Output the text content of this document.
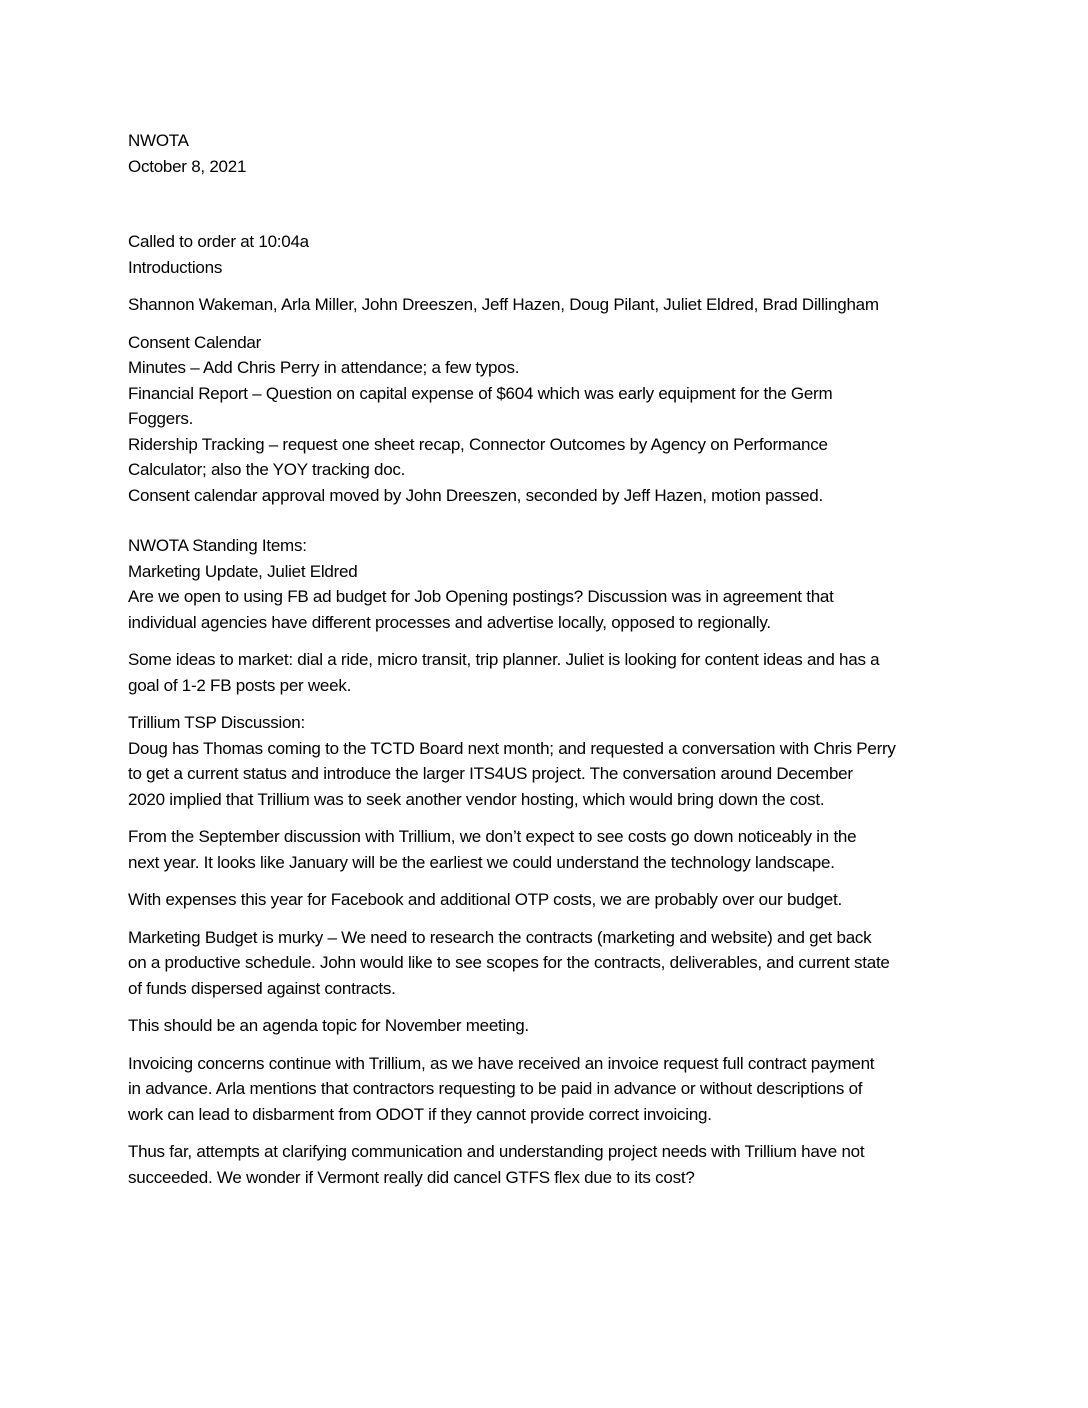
NWOTA
October 8, 2021
Called to order at 10:04a
Introductions
Shannon Wakeman, Arla Miller, John Dreeszen, Jeff Hazen, Doug Pilant, Juliet Eldred, Brad Dillingham
Consent Calendar
Minutes – Add Chris Perry in attendance; a few typos.
Financial Report – Question on capital expense of $604 which was early equipment for the Germ
Foggers.
Ridership Tracking – request one sheet recap, Connector Outcomes by Agency on Performance
Calculator; also the YOY tracking doc.
Consent calendar approval moved by John Dreeszen, seconded by Jeff Hazen, motion passed.
NWOTA Standing Items:
Marketing Update, Juliet Eldred
Are we open to using FB ad budget for Job Opening postings? Discussion was in agreement that
individual agencies have different processes and advertise locally, opposed to regionally.
Some ideas to market: dial a ride, micro transit, trip planner. Juliet is looking for content ideas and has a
goal of 1-2 FB posts per week.
Trillium TSP Discussion:
Doug has Thomas coming to the TCTD Board next month; and requested a conversation with Chris Perry
to get a current status and introduce the larger ITS4US project. The conversation around December
2020 implied that Trillium was to seek another vendor hosting, which would bring down the cost.
From the September discussion with Trillium, we don’t expect to see costs go down noticeably in the
next year. It looks like January will be the earliest we could understand the technology landscape.
With expenses this year for Facebook and additional OTP costs, we are probably over our budget.
Marketing Budget is murky – We need to research the contracts (marketing and website) and get back
on a productive schedule. John would like to see scopes for the contracts, deliverables, and current state
of funds dispersed against contracts.
This should be an agenda topic for November meeting.
Invoicing concerns continue with Trillium, as we have received an invoice request full contract payment
in advance. Arla mentions that contractors requesting to be paid in advance or without descriptions of
work can lead to disbarment from ODOT if they cannot provide correct invoicing.
Thus far, attempts at clarifying communication and understanding project needs with Trillium have not
succeeded. We wonder if Vermont really did cancel GTFS flex due to its cost?
